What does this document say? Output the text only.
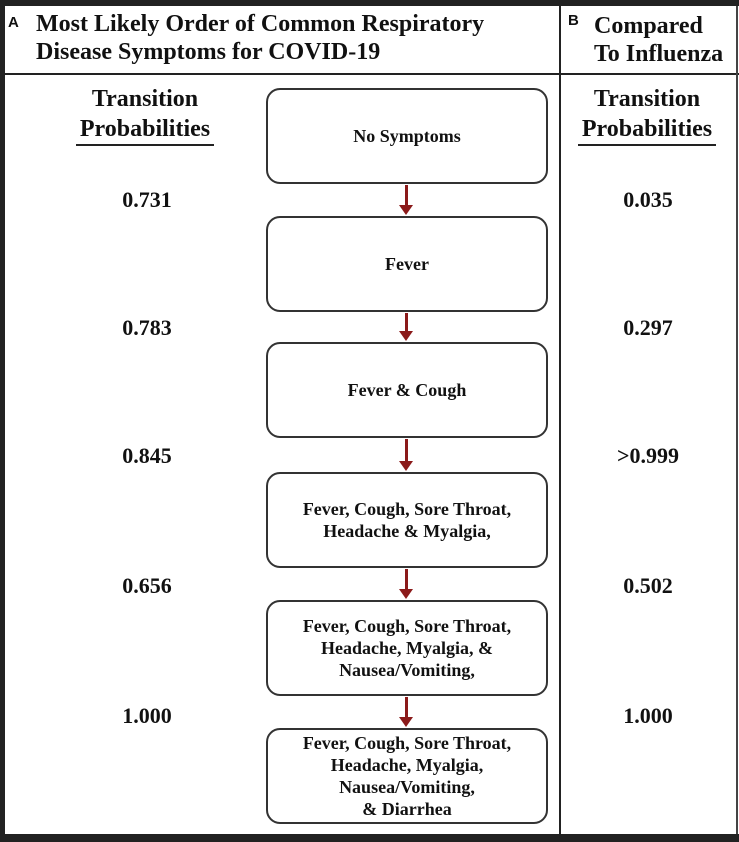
A Most Likely Order of Common Respiratory
Disease Symptoms for COVID-19
B Compared
To Influenza
Transition
Probabilities
Transition
Probabilities
No Symptoms
Fever
Fever & Cough
Fever, Cough, Sore Throat,
Headache & Myalgia,
Fever, Cough, Sore Throat,
Headache, Myalgia, &
Nausea/Vomiting,
Fever, Cough, Sore Throat,
Headache, Myalgia,
Nausea/Vomiting,
& Diarrhea
0.731
0.783
0.845
0.656
1.000
0.035
0.297
>0.999
0.502
1.000
